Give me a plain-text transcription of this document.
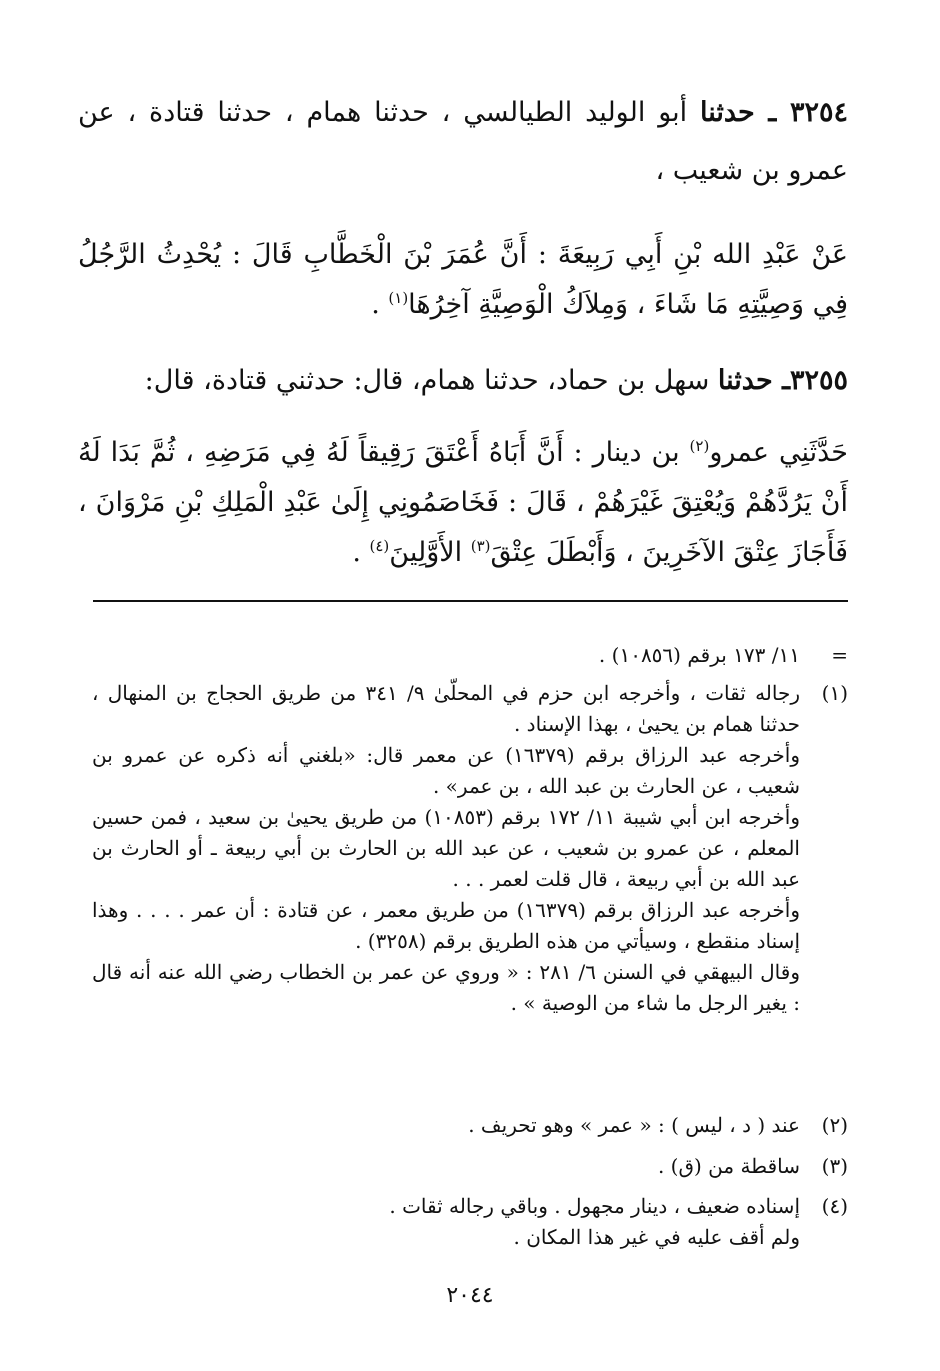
٣٢٥٤ ـ حدثنا أبو الوليد الطيالسي ، حدثنا همام ، حدثنا قتادة ، عن عمرو بن شعيب ،
عَنْ عَبْدِ الله بْنِ أَبِي رَبِيعَةَ : أَنَّ عُمَرَ بْنَ الْخَطَّابِ قَالَ : يُحْدِثُ الرَّجُلُ فِي وَصِيَّتِهِ مَا شَاءَ ، وَمِلاَكُ الْوَصِيَّةِ آخِرُهَا$^{(١)}$ .
٣٢٥٥ـ حدثنا سهل بن حماد، حدثنا همام، قال: حدثني قتادة، قال:
حَدَّثَنِي عمرو$^{(٢)}$ بن دينار : أَنَّ أَبَاهُ أَعْتَقَ رَقِيقاً لَهُ فِي مَرَضِهِ ، ثُمَّ بَدَا لَهُ أَنْ يَرُدَّهُمْ وَيُعْتِقَ غَيْرَهُمْ ، قَالَ : فَخَاصَمُونِي إِلَىٰ عَبْدِ الْمَلِكِ بْنِ مَرْوَانَ ، فَأَجَازَ عِتْقَ الآخَرِينَ ، وَأَبْطَلَ عِتْقَ$^{(٣)}$ الأَوَّلِينَ$^{(٤)}$ .
=
١١/ ١٧٣ برقم (١٠٨٥٦) .
(١)

رجاله ثقات ، وأخرجه ابن حزم في المحلّىٰ ٩/ ٣٤١ من طريق الحجاج بن المنهال ، حدثنا همام بن يحيىٰ ، بهذا الإسناد .

وأخرجه عبد الرزاق برقم (١٦٣٧٩) عن معمر قال: «بلغني أنه ذكره عن عمرو بن شعيب ، عن الحارث بن عبد الله ، بن عمر» .

وأخرجه ابن أبي شيبة ١١/ ١٧٢ برقم (١٠٨٥٣) من طريق يحيىٰ بن سعيد ، فمن حسين المعلم ، عن عمرو بن شعيب ، عن عبد الله بن الحارث بن أبي ربيعة ـ أو الحارث بن عبد الله بن أبي ربيعة ، قال قلت لعمر . . .

وأخرجه عبد الرزاق برقم (١٦٣٧٩) من طريق معمر ، عن قتادة : أن عمر . . . . وهذا إسناد منقطع ، وسيأتي من هذه الطريق برقم (٣٢٥٨) .

وقال البيهقي في السنن ٦/ ٢٨١ : « وروي عن عمر بن الخطاب رضي الله عنه أنه قال : يغير الرجل ما شاء من الوصية » .

(٢)
عند ( د ، ليس ) : « عمر » وهو تحريف .
(٣)
ساقطة من (ق) .
(٤)

إسناده ضعيف ، دينار مجهول . وباقي رجاله ثقات .

ولم أقف عليه في غير هذا المكان .

٢٠٤٤
